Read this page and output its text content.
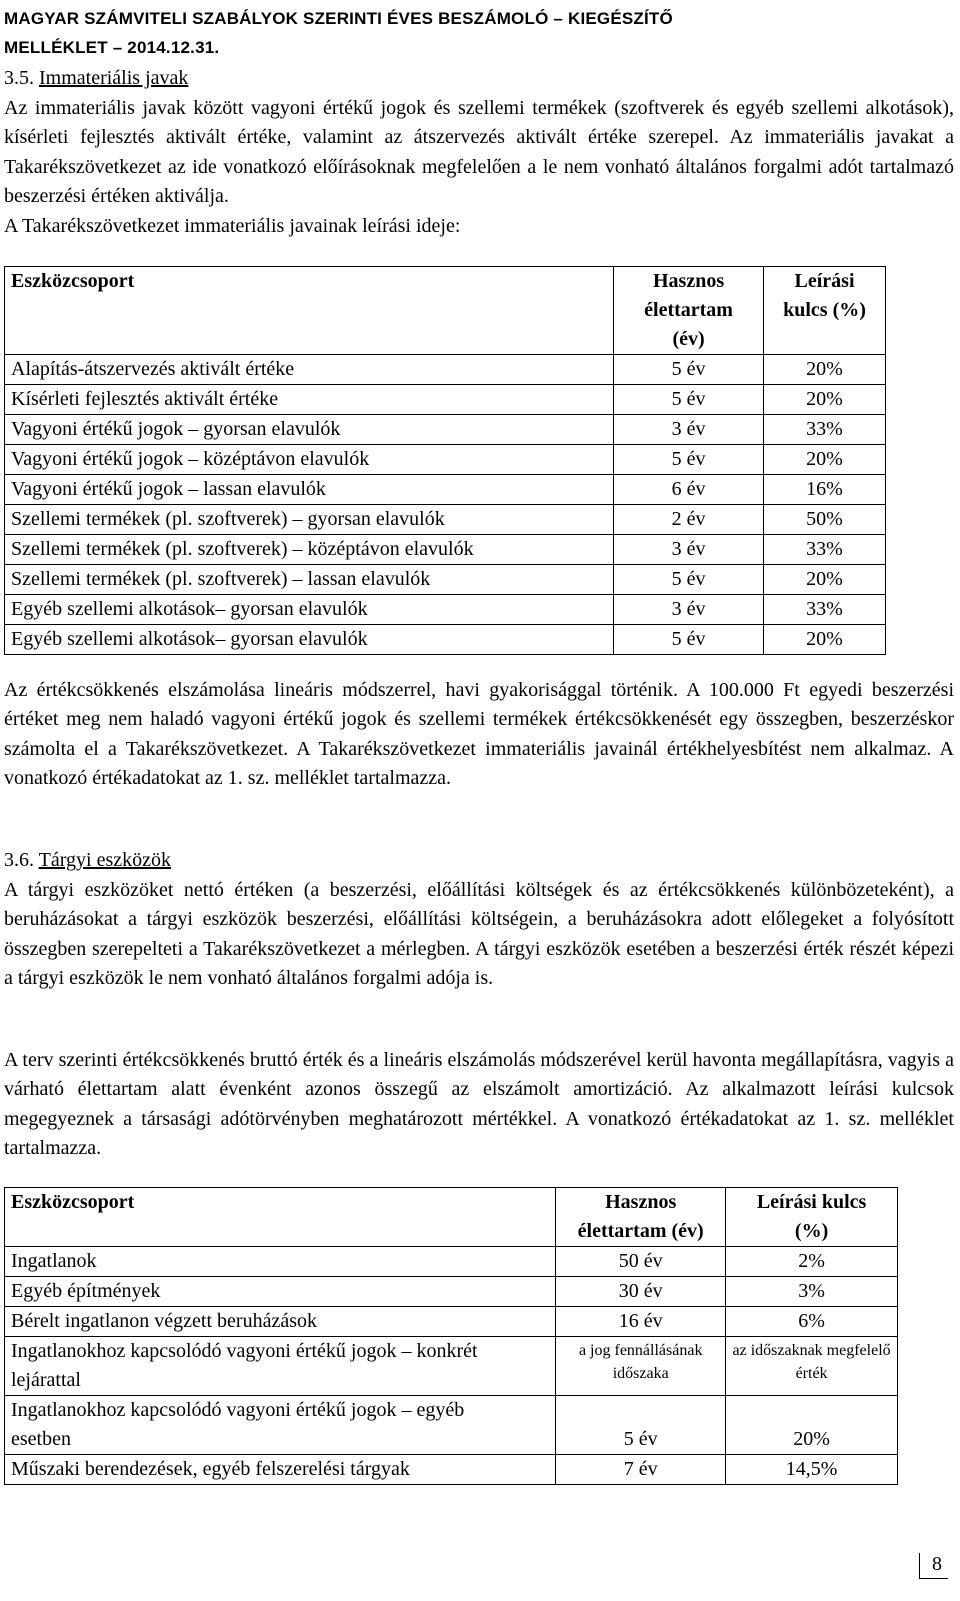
MAGYAR SZÁMVITELI SZABÁLYOK SZERINTI ÉVES BESZÁMOLÓ – KIEGÉSZÍTŐ
MELLÉKLET – 2014.12.31.
3.5. Immateriális javak

Az immateriális javak között vagyoni értékű jogok és szellemi termékek (szoftverek és egyéb szellemi alkotások), kísérleti fejlesztés aktivált értéke, valamint az átszervezés aktivált értéke szerepel. Az immateriális javakat a Takarékszövetkezet az ide vonatkozó előírásoknak megfelelően a le nem vonható általános forgalmi adót tartalmazó beszerzési értéken aktiválja.

A Takarékszövetkezet immateriális javainak leírási ideje:

Eszközcsoport	Hasznos élettartam (év)	Leírási kulcs (%)
Alapítás-átszervezés aktivált értéke	5 év	20%
Kísérleti fejlesztés aktivált értéke	5 év	20%
Vagyoni értékű jogok – gyorsan elavulók	3 év	33%
Vagyoni értékű jogok – középtávon elavulók	5 év	20%
Vagyoni értékű jogok – lassan elavulók	6 év	16%
Szellemi termékek (pl. szoftverek) – gyorsan elavulók	2 év	50%
Szellemi termékek (pl. szoftverek) – középtávon elavulók	3 év	33%
Szellemi termékek (pl. szoftverek) – lassan elavulók	5 év	20%
Egyéb szellemi alkotások– gyorsan elavulók	3 év	33%
Egyéb szellemi alkotások– gyorsan elavulók	5 év	20%

Az értékcsökkenés elszámolása lineáris módszerrel, havi gyakorisággal történik. A 100.000 Ft egyedi beszerzési értéket meg nem haladó vagyoni értékű jogok és szellemi termékek értékcsökkenését egy összegben, beszerzéskor számolta el a Takarékszövetkezet. A Takarékszövetkezet immateriális javainál értékhelyesbítést nem alkalmaz. A vonatkozó értékadatokat az 1. sz. melléklet tartalmazza.

3.6. Tárgyi eszközök

A tárgyi eszközöket nettó értéken (a beszerzési, előállítási költségek és az értékcsökkenés különbözeteként), a beruházásokat a tárgyi eszközök beszerzési, előállítási költségein, a beruházásokra adott előlegeket a folyósított összegben szerepelteti a Takarékszövetkezet a mérlegben. A tárgyi eszközök esetében a beszerzési érték részét képezi a tárgyi eszközök le nem vonható általános forgalmi adója is.

A terv szerinti értékcsökkenés bruttó érték és a lineáris elszámolás módszerével kerül havonta megállapításra, vagyis a várható élettartam alatt évenként azonos összegű az elszámolt amortizáció. Az alkalmazott leírási kulcsok megegyeznek a társasági adótörvényben meghatározott mértékkel. A vonatkozó értékadatokat az 1. sz. melléklet tartalmazza.

Eszközcsoport	Hasznos élettartam (év)	Leírási kulcs (%)
Ingatlanok	50 év	2%
Egyéb építmények	30 év	3%
Bérelt ingatlanon végzett beruházások	16 év	6%
Ingatlanokhoz kapcsolódó vagyoni értékű jogok – konkrét lejárattal	a jog fennállásának időszaka	az időszaknak megfelelő érték
Ingatlanokhoz kapcsolódó vagyoni értékű jogok – egyéb esetben	5 év	20%
Műszaki berendezések, egyéb felszerelési tárgyak	7 év	14,5%
8
